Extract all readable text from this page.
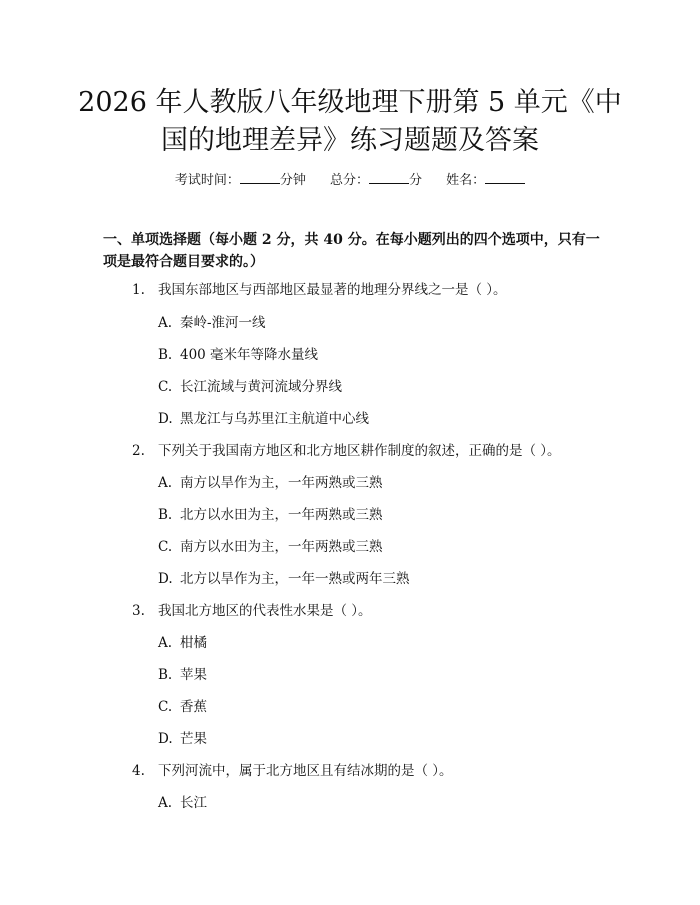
2026 年人教版八年级地理下册第 5 单元《中
国的地理差异》练习题题及答案
考试时间：	分钟 总分：	分 姓名：
一、单项选择题（每小题 2 分，共 40 分。在每小题列出的四个选项中，只有一项是最符合题目要求的。）
1. 我国东部地区与西部地区最显著的地理分界线之一是（ ）。
A. 秦岭-淮河一线
B. 400 毫米年等降水量线
C. 长江流域与黄河流域分界线
D. 黑龙江与乌苏里江主航道中心线
2. 下列关于我国南方地区和北方地区耕作制度的叙述，正确的是（ ）。
A. 南方以旱作为主，一年两熟或三熟
B. 北方以水田为主，一年两熟或三熟
C. 南方以水田为主，一年两熟或三熟
D. 北方以旱作为主，一年一熟或两年三熟
3. 我国北方地区的代表性水果是（ ）。
A. 柑橘
B. 苹果
C. 香蕉
D. 芒果
4. 下列河流中，属于北方地区且有结冰期的是（ ）。
A. 长江
